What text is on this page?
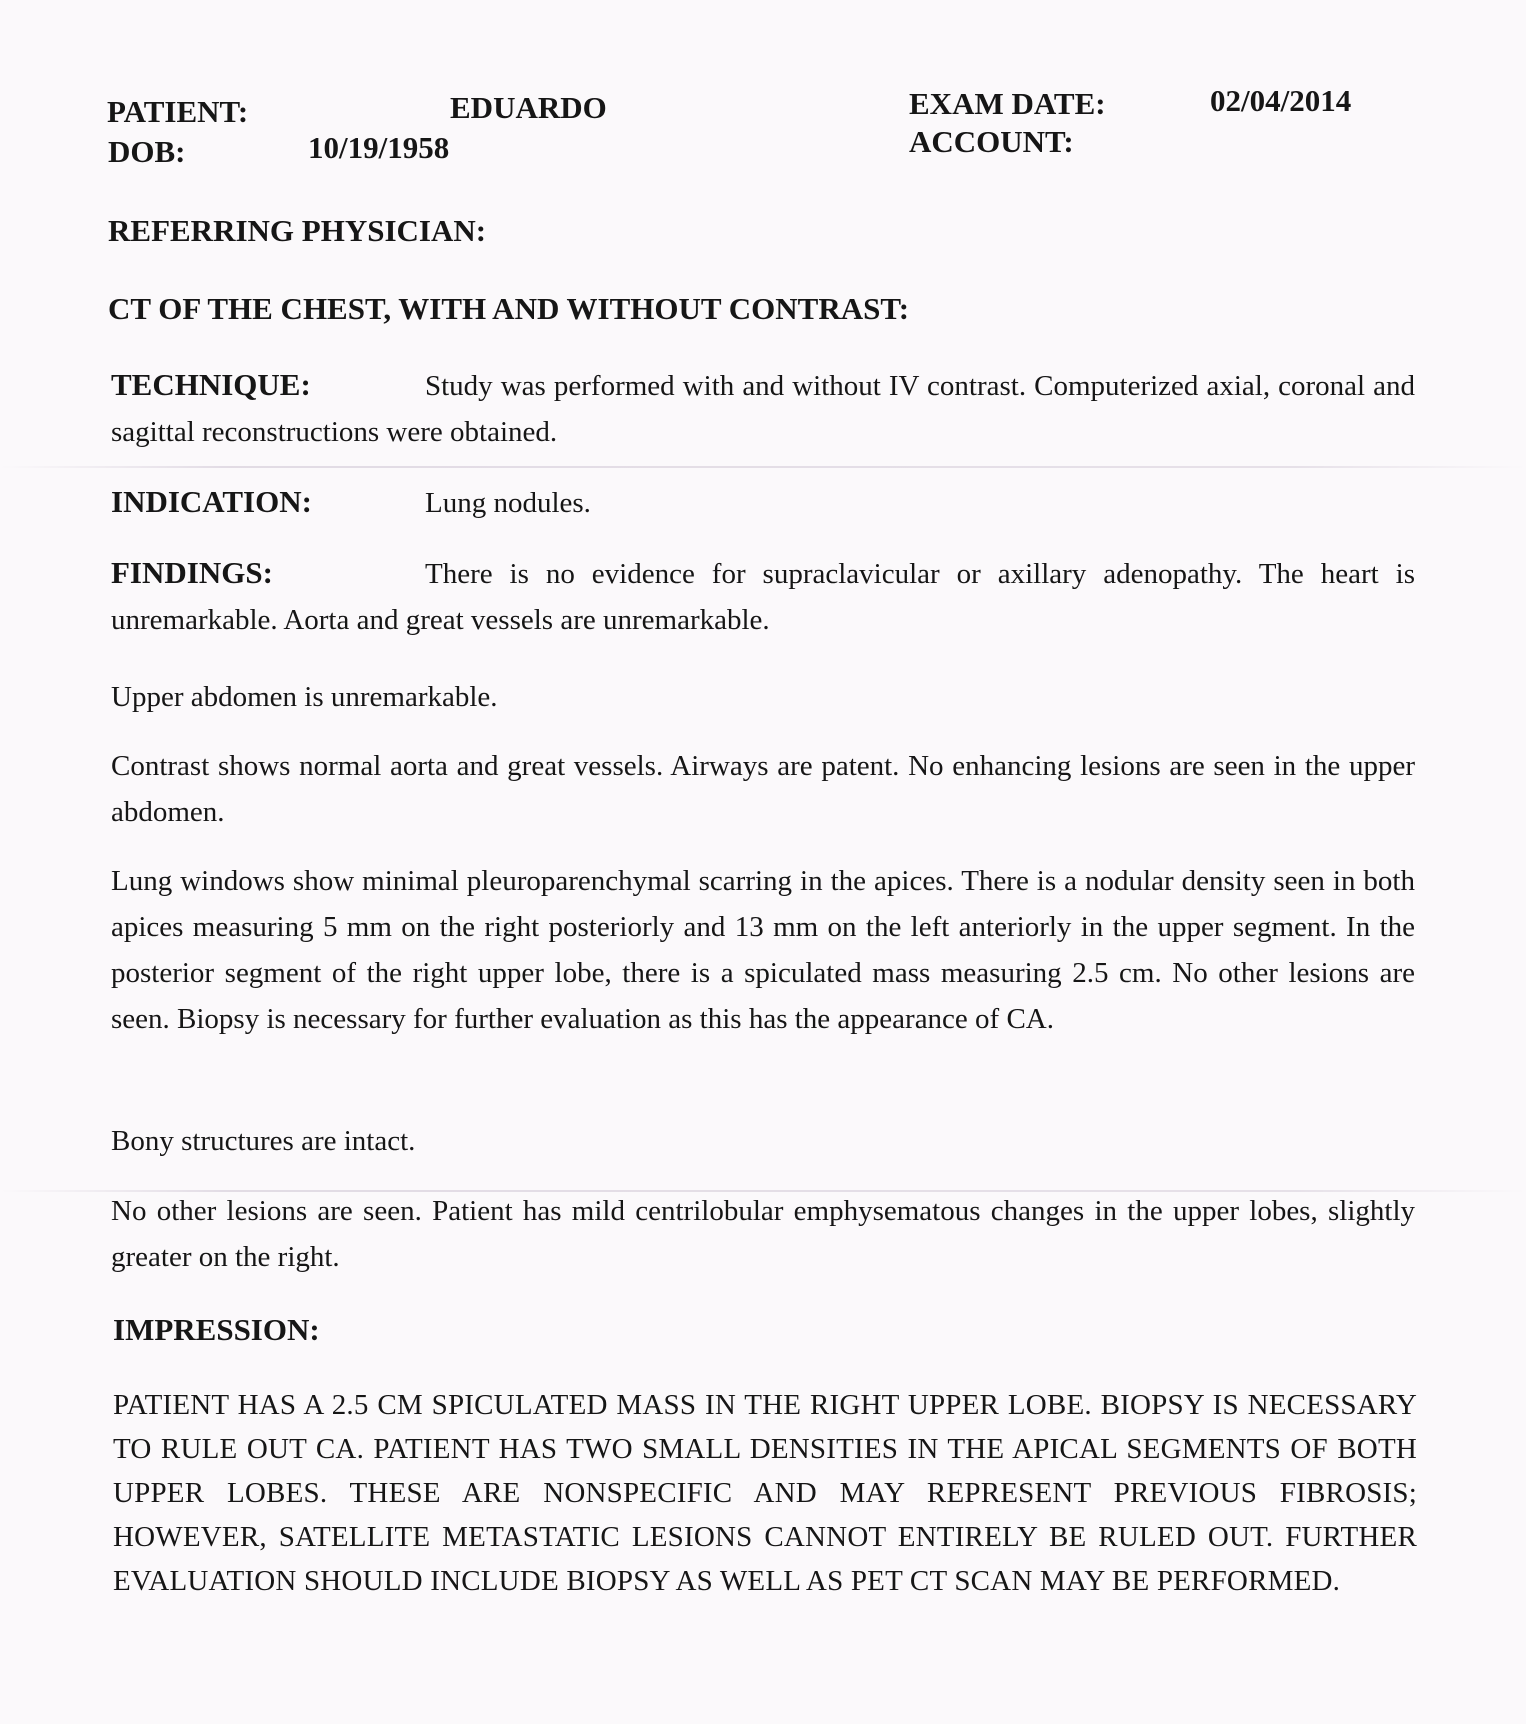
PATIENT:	EDUARDO
DOB:	10/19/1958
EXAM DATE:	02/04/2014
ACCOUNT:
REFERRING PHYSICIAN:
CT OF THE CHEST, WITH AND WITHOUT CONTRAST:

TECHNIQUE:	Study was performed with and without IV contrast. Computerized axial, coronal and sagittal reconstructions were obtained.

INDICATION:	Lung nodules.

FINDINGS:	There is no evidence for supraclavicular or axillary adenopathy. The heart is unremarkable. Aorta and great vessels are unremarkable.

Upper abdomen is unremarkable.

Contrast shows normal aorta and great vessels. Airways are patent. No enhancing lesions are seen in the upper abdomen.

Lung windows show minimal pleuroparenchymal scarring in the apices. There is a nodular density seen in both apices measuring 5 mm on the right posteriorly and 13 mm on the left anteriorly in the upper segment. In the posterior segment of the right upper lobe, there is a spiculated mass measuring 2.5 cm. No other lesions are seen. Biopsy is necessary for further evaluation as this has the appearance of CA.

Bony structures are intact.

No other lesions are seen. Patient has mild centrilobular emphysematous changes in the upper lobes, slightly greater on the right.

IMPRESSION:

PATIENT HAS A 2.5 CM SPICULATED MASS IN THE RIGHT UPPER LOBE. BIOPSY IS NECESSARY TO RULE OUT CA. PATIENT HAS TWO SMALL DENSITIES IN THE APICAL SEGMENTS OF BOTH UPPER LOBES. THESE ARE NONSPECIFIC AND MAY REPRESENT PREVIOUS FIBROSIS; HOWEVER, SATELLITE METASTATIC LESIONS CANNOT ENTIRELY BE RULED OUT. FURTHER EVALUATION SHOULD INCLUDE BIOPSY AS WELL AS PET CT SCAN MAY BE PERFORMED.
